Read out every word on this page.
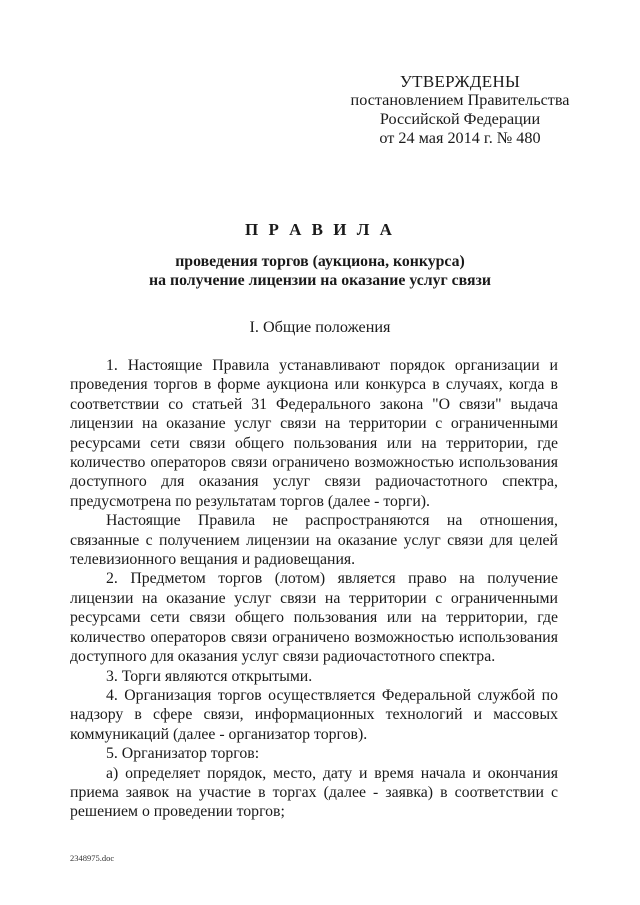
УТВЕРЖДЕНЫ
постановлением Правительства
Российской Федерации
от 24 мая 2014 г. № 480
П Р А В И Л А
проведения торгов (аукциона, конкурса)
на получение лицензии на оказание услуг связи
I. Общие положения

1. Настоящие Правила устанавливают порядок организации и проведения торгов в форме аукциона или конкурса в случаях, когда в соответствии со статьей 31 Федерального закона "О связи" выдача лицензии на оказание услуг связи на территории с ограниченными ресурсами сети связи общего пользования или на территории, где количество операторов связи ограничено возможностью использования доступного для оказания услуг связи радиочастотного спектра, предусмотрена по результатам торгов (далее - торги).

Настоящие Правила не распространяются на отношения, связанные с получением лицензии на оказание услуг связи для целей телевизионного вещания и радиовещания.

2. Предметом торгов (лотом) является право на получение лицензии на оказание услуг связи на территории с ограниченными ресурсами сети связи общего пользования или на территории, где количество операторов связи ограничено возможностью использования доступного для оказания услуг связи радиочастотного спектра.

3. Торги являются открытыми.

4. Организация торгов осуществляется Федеральной службой по надзору в сфере связи, информационных технологий и массовых коммуникаций (далее - организатор торгов).

5. Организатор торгов:

а) определяет порядок, место, дату и время начала и окончания приема заявок на участие в торгах (далее - заявка) в соответствии с решением о проведении торгов;

2348975.doc
